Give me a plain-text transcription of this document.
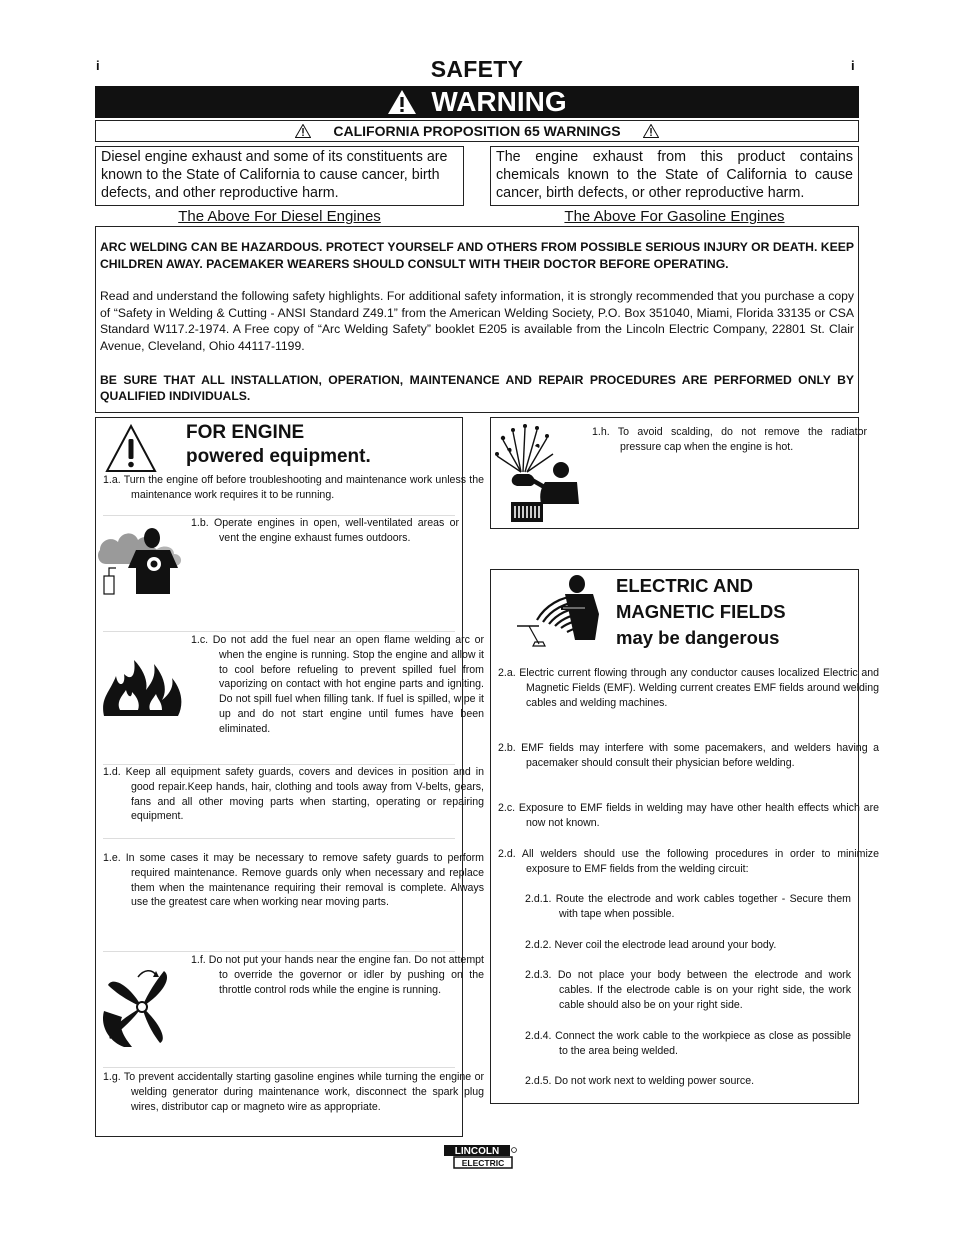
i	i
SAFETY
WARNING
CALIFORNIA PROPOSITION 65 WARNINGS
Diesel engine exhaust and some of its constituents are known to the State of California to cause cancer, birth defects, and other reproductive harm.
The engine exhaust from this product contains chemicals known to the State of California to cause cancer, birth defects, or other reproductive harm.
The Above For Diesel Engines	The Above For Gasoline Engines
ARC WELDING CAN BE HAZARDOUS. PROTECT YOURSELF AND OTHERS FROM POSSIBLE SERIOUS INJURY OR DEATH. KEEP CHILDREN AWAY. PACEMAKER WEARERS SHOULD CONSULT WITH THEIR DOCTOR BEFORE OPERATING.
Read and understand the following safety highlights. For additional safety information, it is strongly recommended that you purchase a copy of “Safety in Welding & Cutting - ANSI Standard Z49.1” from the American Welding Society, P.O. Box 351040, Miami, Florida 33135 or CSA Standard W117.2-1974. A Free copy of “Arc Welding Safety” booklet E205 is available from the Lincoln Electric Company, 22801 St. Clair Avenue, Cleveland, Ohio 44117-1199.
BE SURE THAT ALL INSTALLATION, OPERATION, MAINTENANCE AND REPAIR PROCEDURES ARE PERFORMED ONLY BY QUALIFIED INDIVIDUALS.
FOR ENGINE
powered equipment.
1.a. Turn the engine off before troubleshooting and maintenance work unless the maintenance work requires it to be running.
1.b. Operate engines in open, well-ventilated areas or vent the engine exhaust fumes outdoors.
1.c. Do not add the fuel near an open flame welding arc or when the engine is running. Stop the engine and allow it to cool before refueling to prevent spilled fuel from vaporizing on contact with hot engine parts and igniting. Do not spill fuel when filling tank. If fuel is spilled, wipe it up and do not start engine until fumes have been eliminated.
1.d. Keep all equipment safety guards, covers and devices in position and in good repair.Keep hands, hair, clothing and tools away from V-belts, gears, fans and all other moving parts when starting, operating or repairing equipment.
1.e. In some cases it may be necessary to remove safety guards to perform required maintenance. Remove guards only when necessary and replace them when the maintenance requiring their removal is complete. Always use the greatest care when working near moving parts.
1.f. Do not put your hands near the engine fan. Do not attempt to override the governor or idler by pushing on the throttle control rods while the engine is running.
1.g. To prevent accidentally starting gasoline engines while turning the engine or welding generator during maintenance work, disconnect the spark plug wires, distributor cap or magneto wire as appropriate.
1.h. To avoid scalding, do not remove the radiator pressure cap when the engine is hot.
ELECTRIC AND
MAGNETIC FIELDS
may be dangerous
2.a. Electric current flowing through any conductor causes localized Electric and Magnetic Fields (EMF). Welding current creates EMF fields around welding cables and welding machines.
2.b. EMF fields may interfere with some pacemakers, and welders having a pacemaker should consult their physician before welding.
2.c. Exposure to EMF fields in welding may have other health effects which are now not known.
2.d. All welders should use the following procedures in order to minimize exposure to EMF fields from the welding circuit:
2.d.1. Route the electrode and work cables together - Secure them with tape when possible.
2.d.2. Never coil the electrode lead around your body.
2.d.3. Do not place your body between the electrode and work cables. If the electrode cable is on your right side, the work cable should also be on your right side.
2.d.4. Connect the work cable to the workpiece as close as possible to the area being welded.
2.d.5. Do not work next to welding power source.
LINCOLN
ELECTRIC
